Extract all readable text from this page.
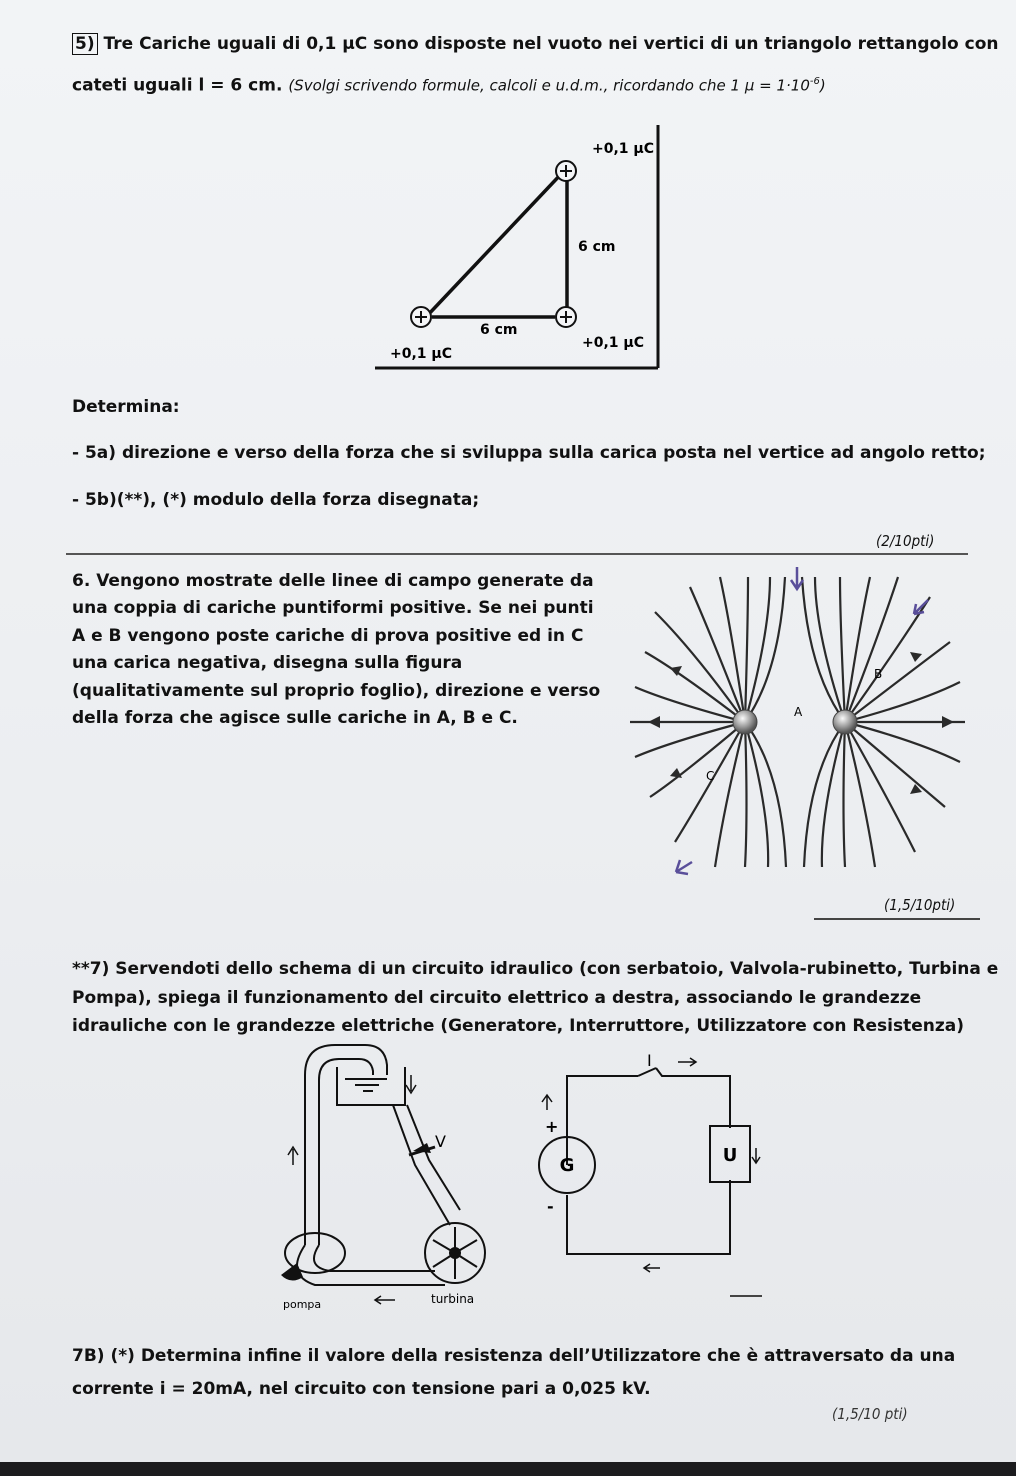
5) Tre Cariche uguali di 0,1 µC sono disposte nel vuoto nei vertici di un triangolo rettangolo con
cateti uguali l = 6 cm. (Svolgi scrivendo formule, calcoli e u.d.m., ricordando che 1 $\mu = 1\cdot 10^{-6}$)
+0,1 µC
6 cm
6 cm
+0,1 µC
+0,1 µC
Determina:
- 5a) direzione e verso della forza che si sviluppa sulla carica posta nel vertice ad angolo retto;
- 5b)(**), (*) modulo della forza disegnata;
(2/10pti)
6. Vengono mostrate delle linee di campo generate da
una coppia di cariche puntiformi positive. Se nei punti
A e B vengono poste cariche di prova positive ed in C
una carica negativa, disegna sulla figura
(qualitativamente sul proprio foglio), direzione e verso
della forza che agisce sulle cariche in A, B e C.
B
A
C
(1,5/10pti)
**7) Servendoti dello schema di un circuito idraulico (con serbatoio, Valvola-rubinetto, Turbina e
Pompa), spiega il funzionamento del circuito elettrico a destra, associando le grandezze
idrauliche con le grandezze elettriche (Generatore, Interruttore, Utilizzatore con Resistenza)
V
pompa	turbina
G	U
I
+
-
7B) (*) Determina infine il valore della resistenza dell’Utilizzatore che è attraversato da una
corrente i = 20mA, nel circuito con tensione pari a 0,025 kV.
(1,5/10 pti)
